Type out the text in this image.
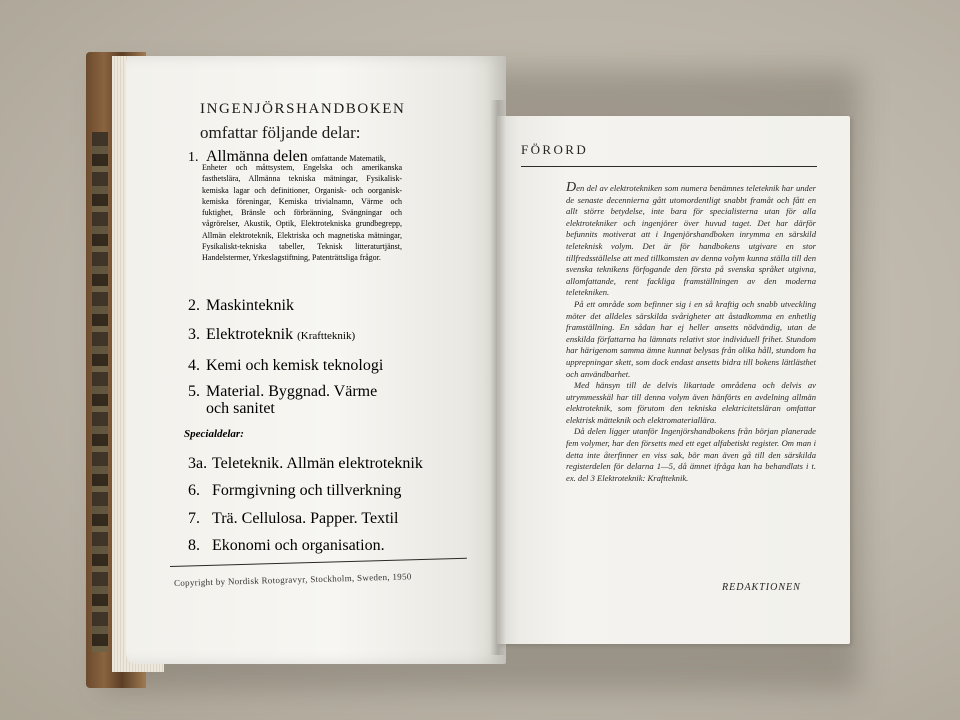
INGENJÖRSHANDBOKEN
omfattar följande delar:
1. Allmänna delen omfattande Matematik,
Enheter och måttsystem, Engelska och amerikanska fasthetslära, Allmänna tekniska mätningar, Fysikalisk-kemiska lagar och definitioner, Organisk- och oorganisk-kemiska föreningar, Kemiska trivialnamn, Värme och fuktighet, Bränsle och förbränning, Svängningar och vågrörelser, Akustik, Optik, Elektrotekniska grundbegrepp, Allmän elektroteknik, Elektriska och magnetiska mätningar, Fysikaliskt-tekniska tabeller, Teknisk litteraturtjänst, Handelstermer, Yrkeslagstiftning, Patenträttsliga frågor.
2. Maskinteknik
3. Elektroteknik (Kraftteknik)
4. Kemi och kemisk teknologi
5. Material. Byggnad. Värme
och sanitet
Specialdelar:
3a. Teleteknik. Allmän elektroteknik
6. Formgivning och tillverkning
7. Trä. Cellulosa. Papper. Textil
8. Ekonomi och organisation.
Copyright by Nordisk Rotogravyr, Stockholm, Sweden, 1950
FÖRORD

Den del av elektrotekniken som numera benämnes teleteknik har under de senaste decennierna gått utomordentligt snabbt framåt och fått en allt större betydelse, inte bara för specialisterna utan för alla elektrotekniker och ingenjörer över huvud taget. Det har därför befunnits motiverat att i Ingenjörshandboken inrymma en särskild teleteknisk volym. Det är för handbokens utgivare en stor tillfredsställelse att med tillkomsten av denna volym kunna ställa till den svenska teknikens förfogande den första på svenska språket utgivna, allomfattande, rent fackliga framställningen av den moderna teletekniken.

På ett område som befinner sig i en så kraftig och snabb utveckling möter det alldeles särskilda svårigheter att åstadkomma en enhetlig framställning. En sådan har ej heller ansetts nödvändig, utan de enskilda författarna ha lämnats relativt stor individuell frihet. Stundom har härigenom samma ämne kunnat belysas från olika håll, stundom ha upprepningar skett, som dock endast ansetts bidra till bokens lättlästhet och användbarhet.

Med hänsyn till de delvis likartade områdena och delvis av utrymmesskäl har till denna volym även hänförts en avdelning allmän elektroteknik, som förutom den tekniska elektricitetsläran omfattar elektrisk mätteknik och elektromateriallära.

Då delen ligger utanför Ingenjörshandbokens från början planerade fem volymer, har den försetts med ett eget alfabetiskt register. Om man i detta inte återfinner en viss sak, bör man även gå till den särskilda registerdelen för delarna 1—5, då ämnet ifråga kan ha behandlats i t. ex. del 3 Elektroteknik: Kraftteknik.

REDAKTIONEN
